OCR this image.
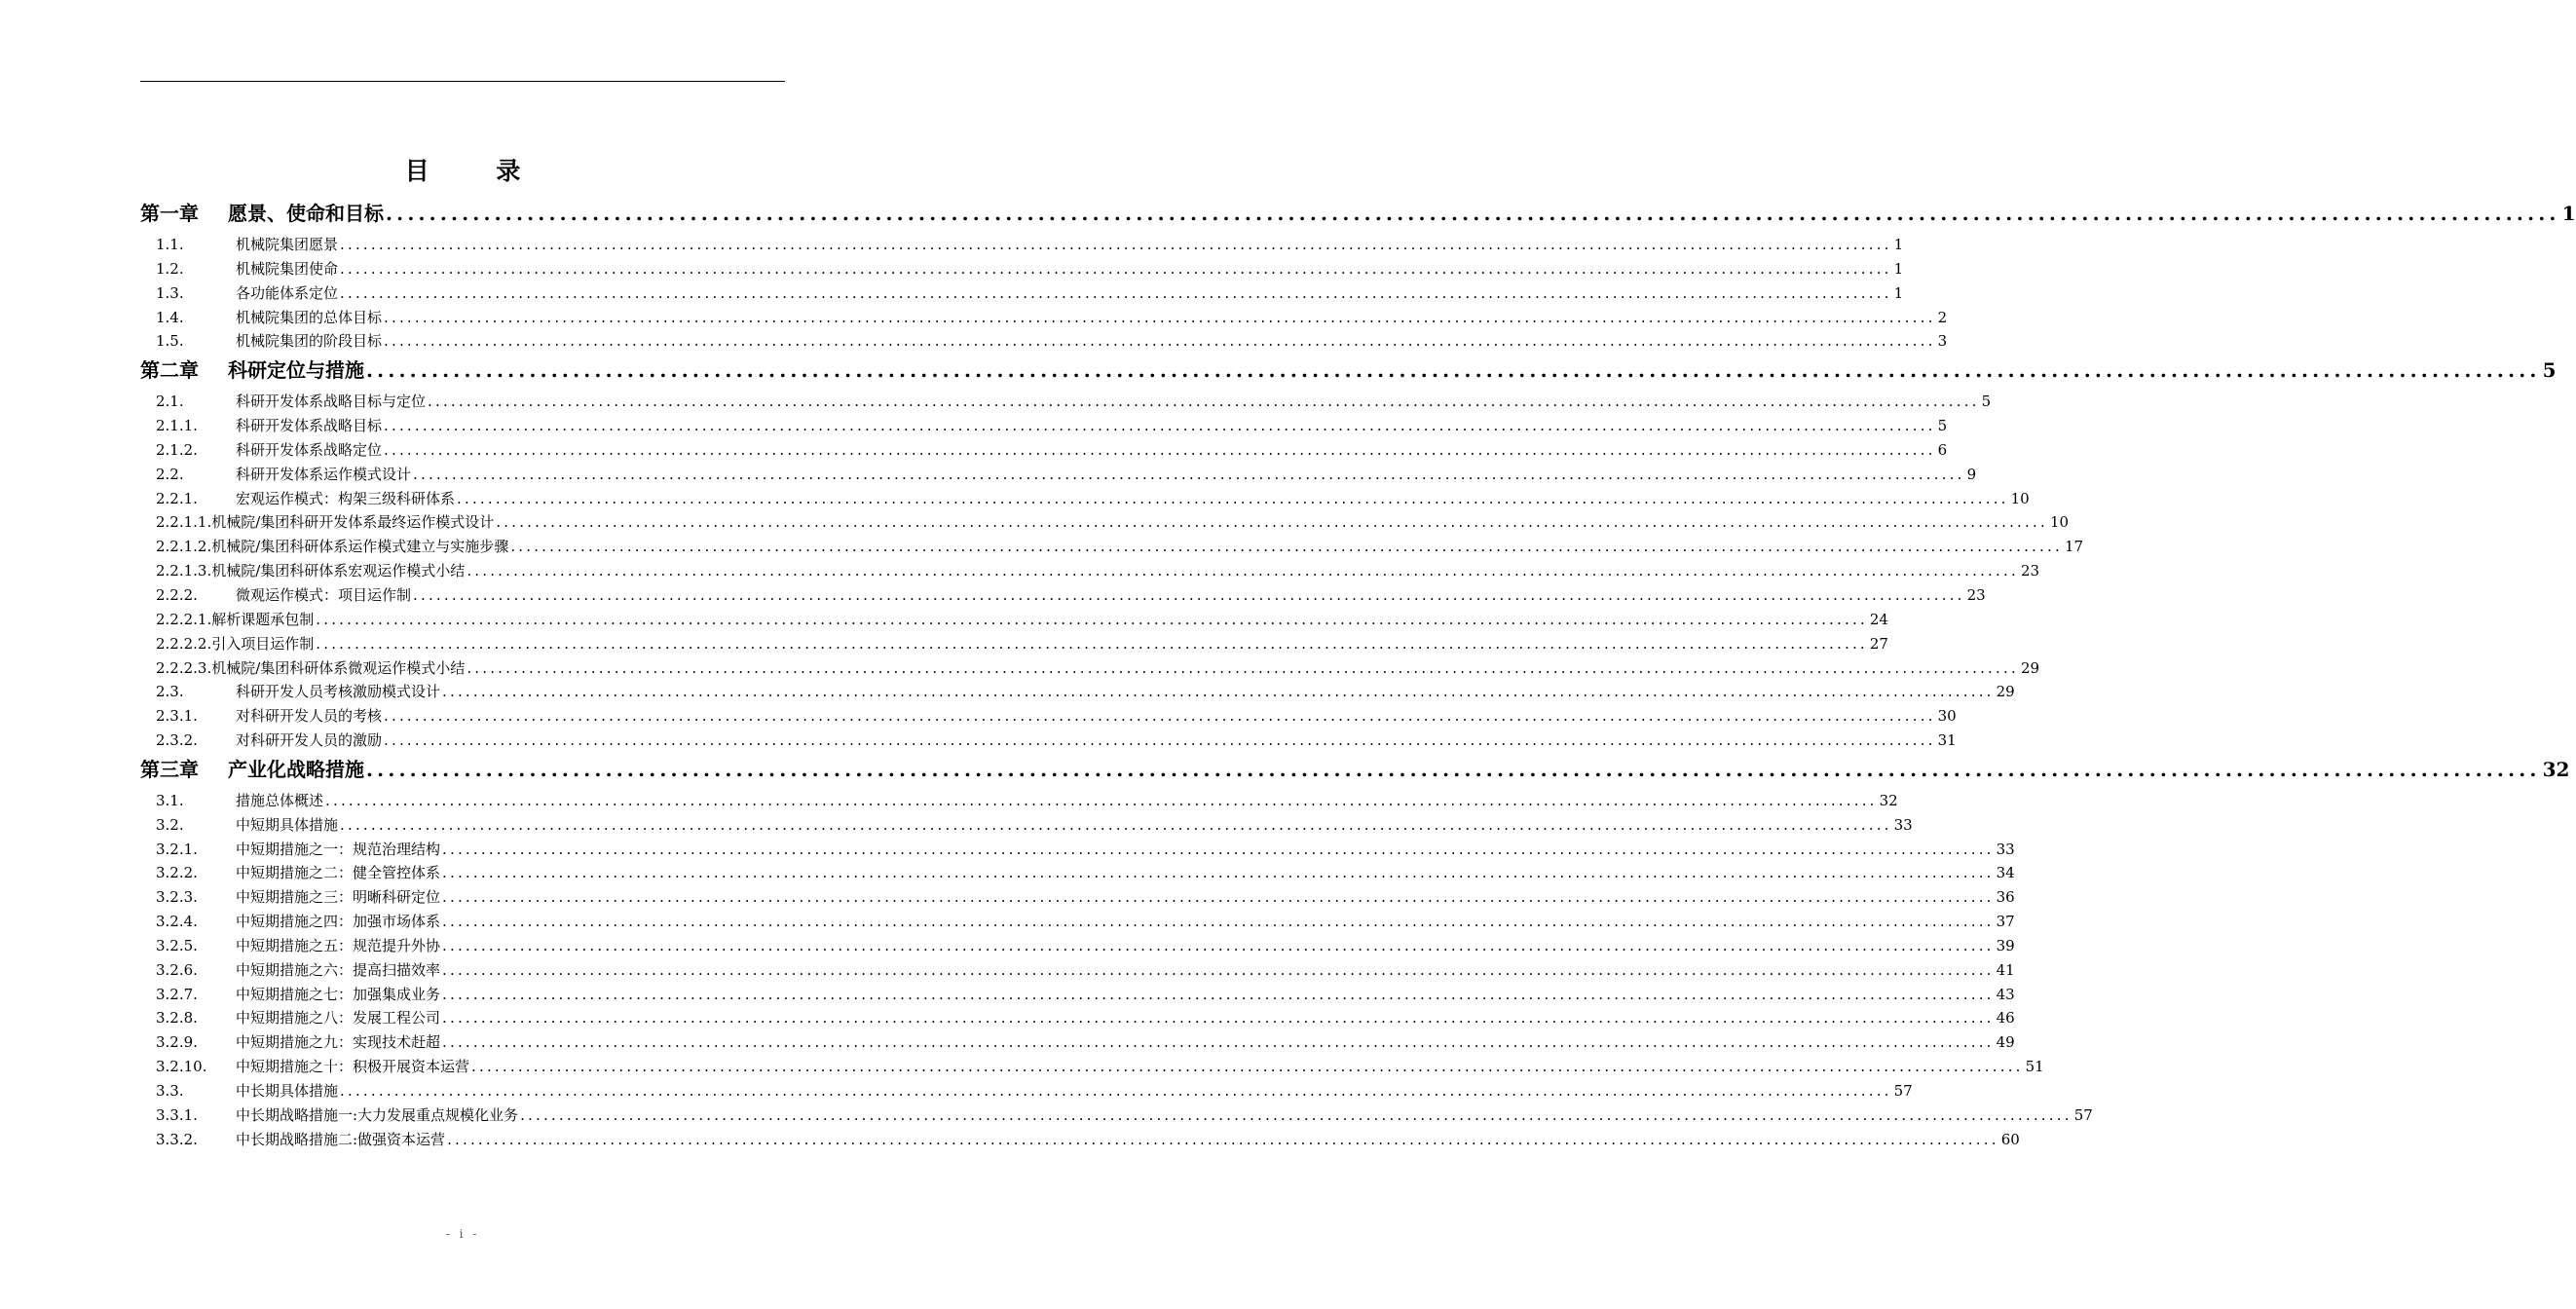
目 录
第一章	愿景、使命和目标 ........................................................................................................................................................................................................ 1
1.1.	机械院集团愿景 ........................................................................................................................................................................................................ 1
1.2.	机械院集团使命 ........................................................................................................................................................................................................ 1
1.3.	各功能体系定位 ........................................................................................................................................................................................................ 1
1.4.	机械院集团的总体目标 ........................................................................................................................................................................................................ 2
1.5.	机械院集团的阶段目标 ........................................................................................................................................................................................................ 3
第二章	科研定位与措施 ........................................................................................................................................................................................................ 5
2.1.	科研开发体系战略目标与定位 ........................................................................................................................................................................................................ 5
2.1.1.	科研开发体系战略目标 ........................................................................................................................................................................................................ 5
2.1.2.	科研开发体系战略定位 ........................................................................................................................................................................................................ 6
2.2.	科研开发体系运作模式设计 ........................................................................................................................................................................................................ 9
2.2.1.	宏观运作模式：构架三级科研体系 ........................................................................................................................................................................................................ 10
2.2.1.1. 机械院/集团科研开发体系最终运作模式设计 ........................................................................................................................................................................................................ 10
2.2.1.2. 机械院/集团科研体系运作模式建立与实施步骤 ........................................................................................................................................................................................................ 17
2.2.1.3. 机械院/集团科研体系宏观运作模式小结 ........................................................................................................................................................................................................ 23
2.2.2.	微观运作模式：项目运作制 ........................................................................................................................................................................................................ 23
2.2.2.1. 解析课题承包制 ........................................................................................................................................................................................................ 24
2.2.2.2. 引入项目运作制 ........................................................................................................................................................................................................ 27
2.2.2.3. 机械院/集团科研体系微观运作模式小结 ........................................................................................................................................................................................................ 29
2.3.	科研开发人员考核激励模式设计 ........................................................................................................................................................................................................ 29
2.3.1.	对科研开发人员的考核 ........................................................................................................................................................................................................ 30
2.3.2.	对科研开发人员的激励 ........................................................................................................................................................................................................ 31
第三章	产业化战略措施 ........................................................................................................................................................................................................ 32
3.1.	措施总体概述 ........................................................................................................................................................................................................ 32
3.2.	中短期具体措施 ........................................................................................................................................................................................................ 33
3.2.1.	中短期措施之一：规范治理结构 ........................................................................................................................................................................................................ 33
3.2.2.	中短期措施之二：健全管控体系 ........................................................................................................................................................................................................ 34
3.2.3.	中短期措施之三：明晰科研定位 ........................................................................................................................................................................................................ 36
3.2.4.	中短期措施之四：加强市场体系 ........................................................................................................................................................................................................ 37
3.2.5.	中短期措施之五：规范提升外协 ........................................................................................................................................................................................................ 39
3.2.6.	中短期措施之六：提高扫描效率 ........................................................................................................................................................................................................ 41
3.2.7.	中短期措施之七：加强集成业务 ........................................................................................................................................................................................................ 43
3.2.8.	中短期措施之八：发展工程公司 ........................................................................................................................................................................................................ 46
3.2.9.	中短期措施之九：实现技术赶超 ........................................................................................................................................................................................................ 49
3.2.10.	中短期措施之十：积极开展资本运营 ........................................................................................................................................................................................................ 51
3.3.	中长期具体措施 ........................................................................................................................................................................................................ 57
3.3.1.	中长期战略措施一:大力发展重点规模化业务 ........................................................................................................................................................................................................ 57
3.3.2.	中长期战略措施二:做强资本运营 ........................................................................................................................................................................................................ 60
- i -
